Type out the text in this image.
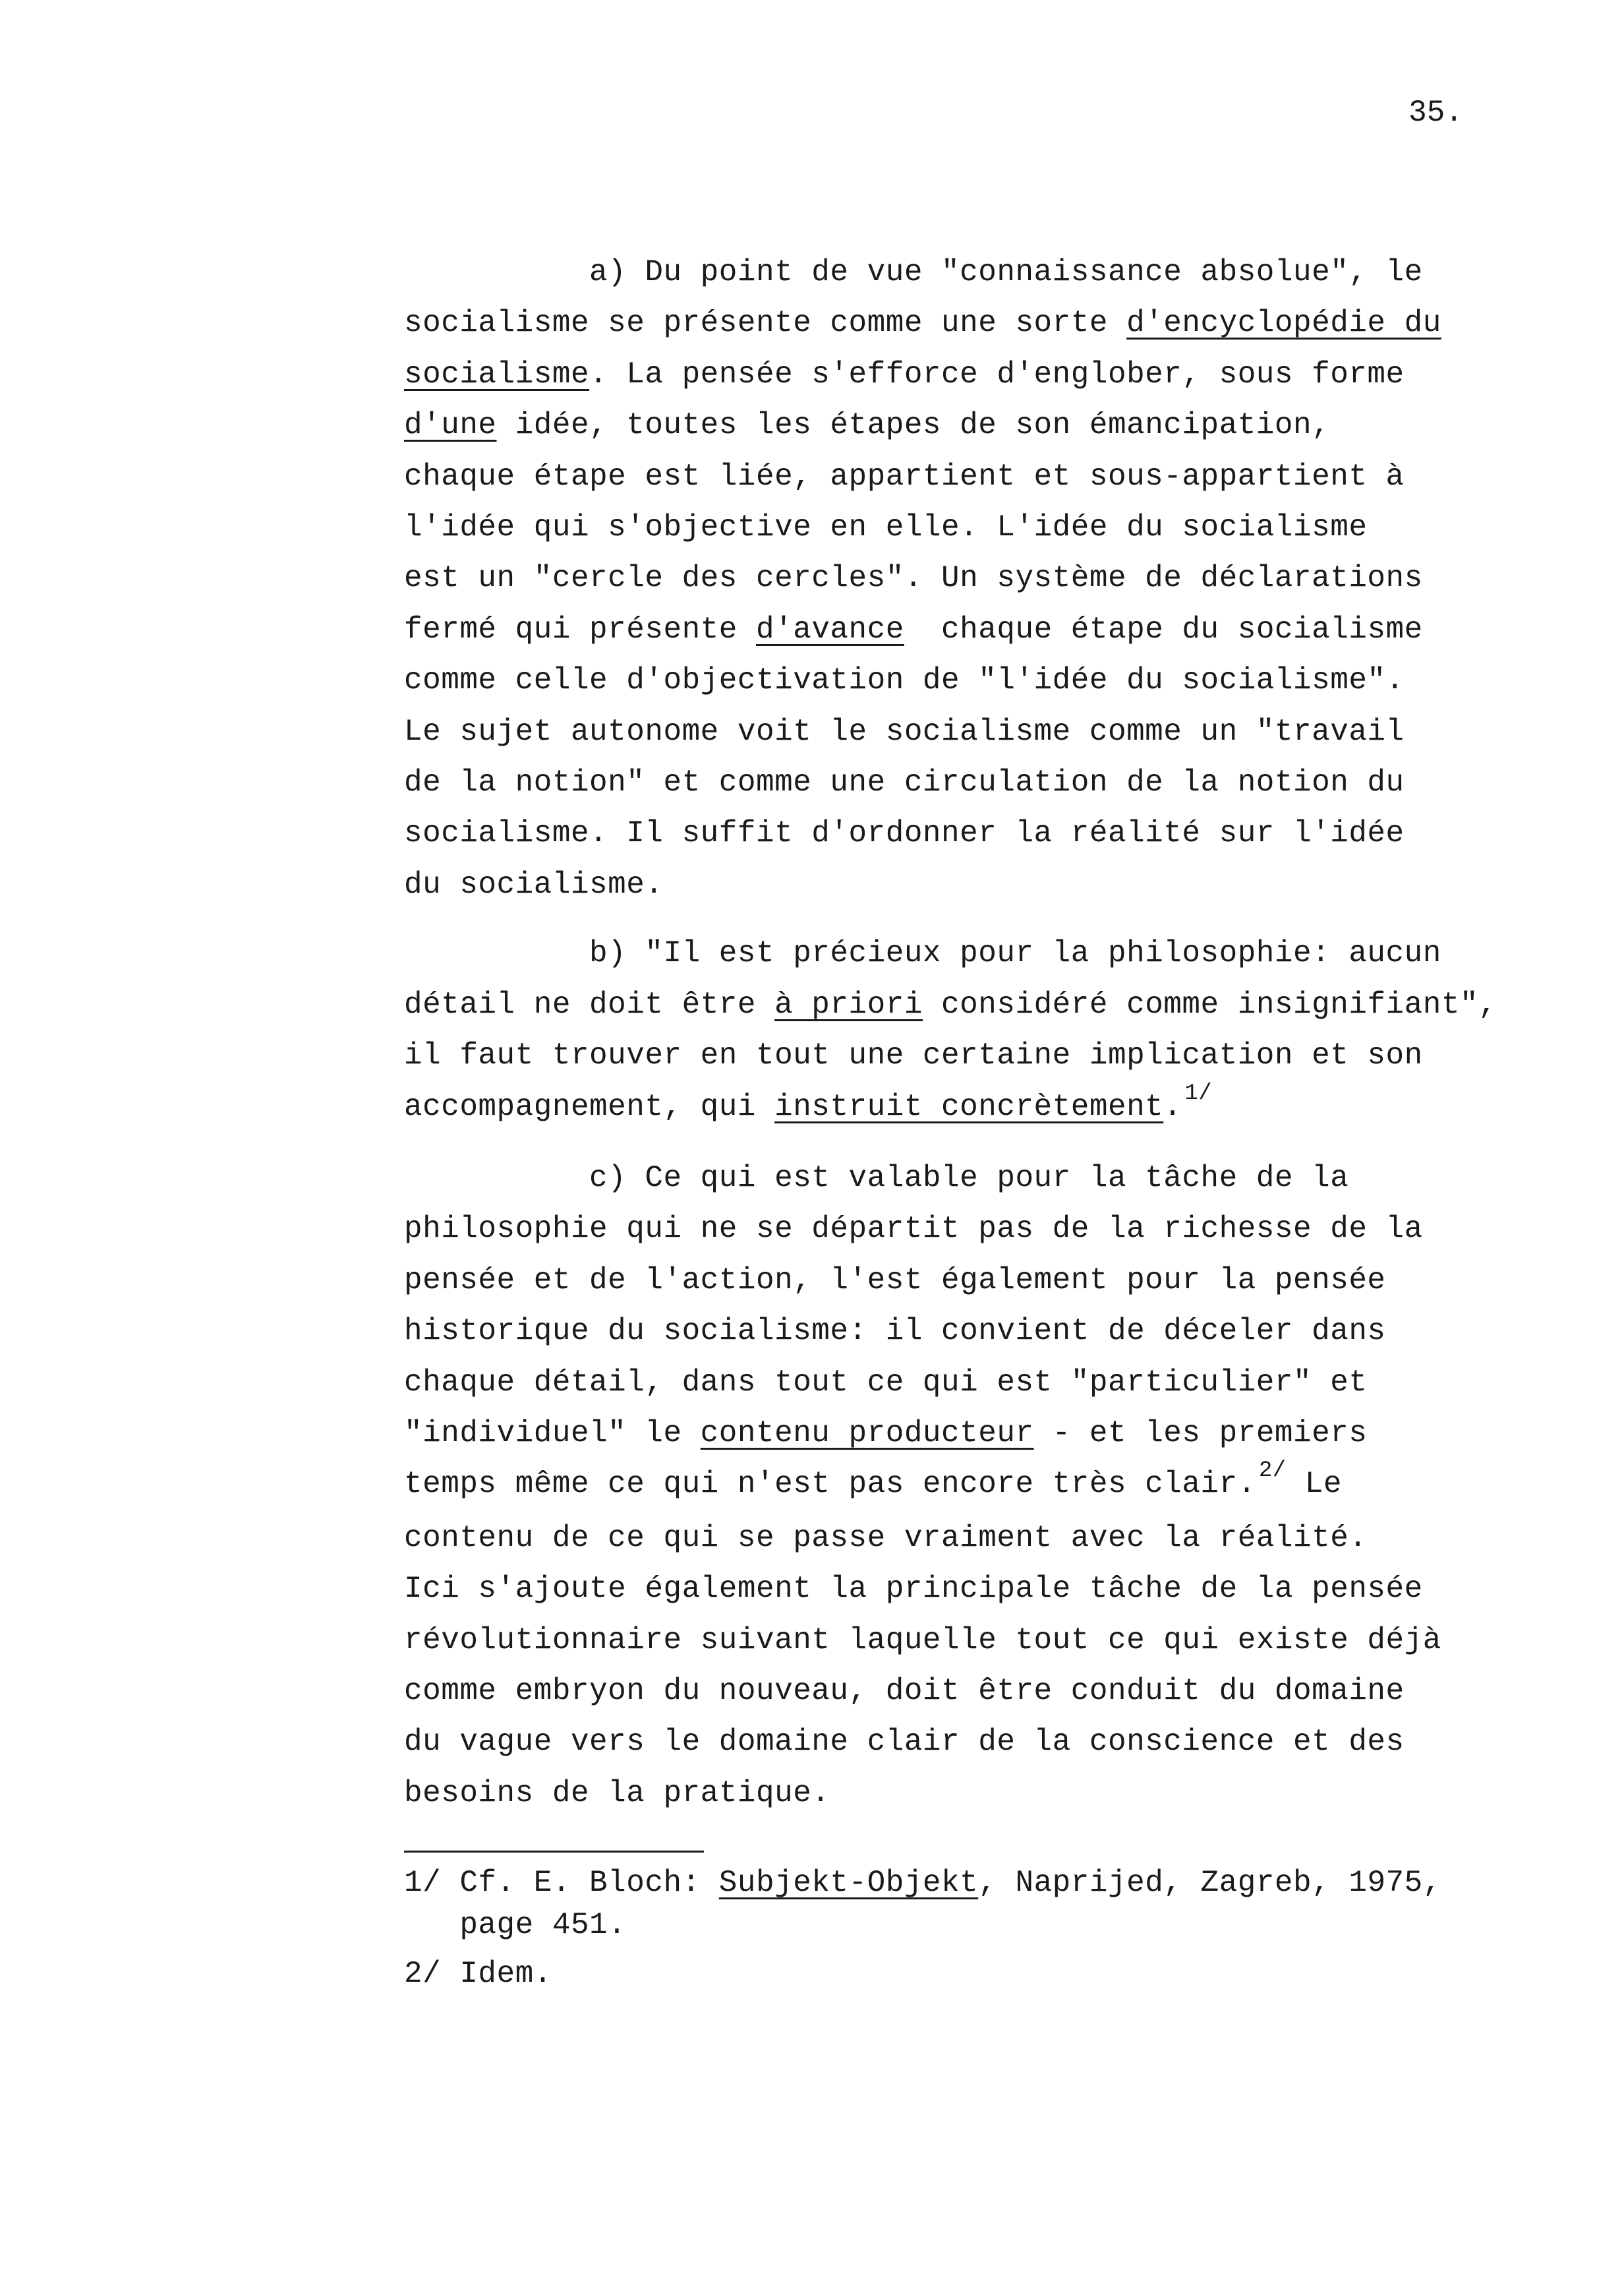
35.

a) Du point de vue "connaissance absolue", le
socialisme se présente comme une sorte d'encyclopédie du
socialisme. La pensée s'efforce d'englober, sous forme
d'une idée, toutes les étapes de son émancipation,
chaque étape est liée, appartient et sous-appartient à
l'idée qui s'objective en elle. L'idée du socialisme
est un "cercle des cercles". Un système de déclarations
fermé qui présente d'avance  chaque étape du socialisme
comme celle d'objectivation de "l'idée du socialisme".
Le sujet autonome voit le socialisme comme un "travail
de la notion" et comme une circulation de la notion du
socialisme. Il suffit d'ordonner la réalité sur l'idée
du socialisme.

b) "Il est précieux pour la philosophie: aucun
détail ne doit être à priori considéré comme insignifiant",
il faut trouver en tout une certaine implication et son
accompagnement, qui instruit concrètement. $^{1/}$

c) Ce qui est valable pour la tâche de la
philosophie qui ne se départit pas de la richesse de la
pensée et de l'action, l'est également pour la pensée
historique du socialisme: il convient de déceler dans
chaque détail, dans tout ce qui est "particulier" et
"individuel" le contenu producteur - et les premiers
temps même ce qui n'est pas encore très clair. $^{2/}$ Le
contenu de ce qui se passe vraiment avec la réalité.
Ici s'ajoute également la principale tâche de la pensée
révolutionnaire suivant laquelle tout ce qui existe déjà
comme embryon du nouveau, doit être conduit du domaine
du vague vers le domaine clair de la conscience et des
besoins de la pratique.

1/ Cf. E. Bloch: Subjekt-Objekt, Naprijed, Zagreb, 1975,
page 451.

2/ Idem.
